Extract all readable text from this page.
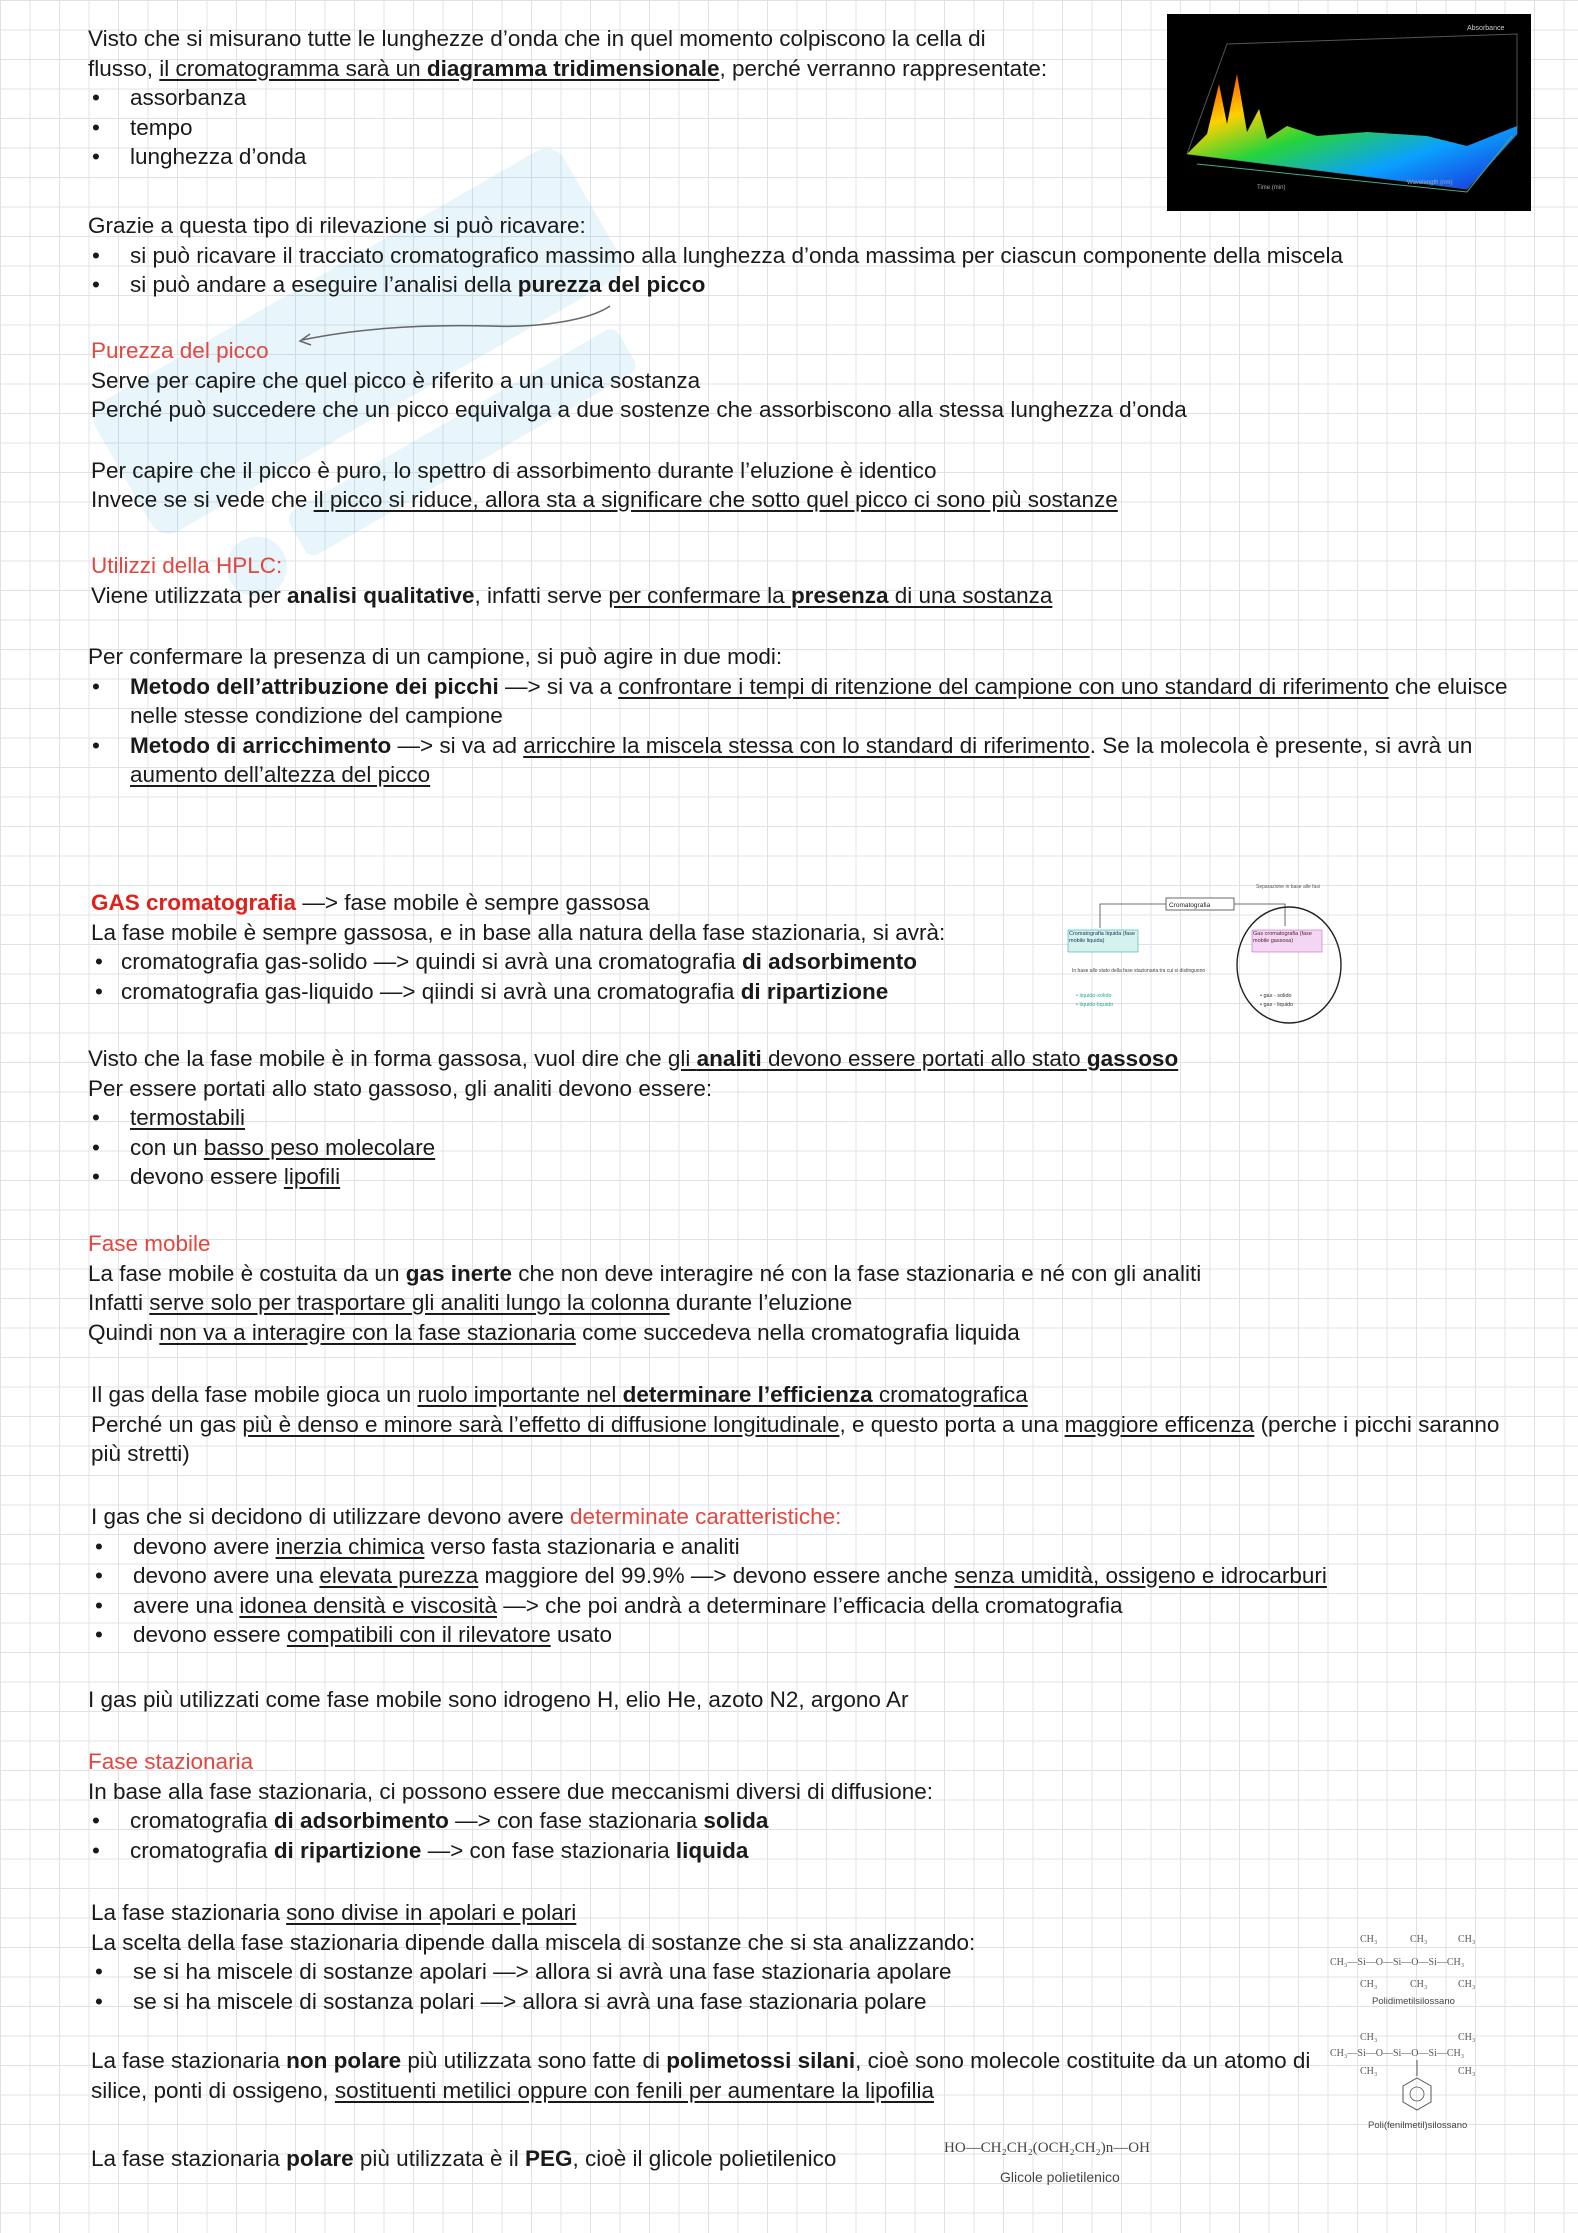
Visto che si misurano tutte le lunghezze d’onda che in quel momento colpiscono la cella di

flusso, il cromatogramma sarà un diagramma tridimensionale, perché verranno rappresentate:

• assorbanza
• tempo
• lunghezza d’onda
Absorbance
Time (min)
Wavelength (nm)

Grazie a questa tipo di rilevazione si può ricavare:

• si può ricavare il tracciato cromatografico massimo alla lunghezza d’onda massima per ciascun componente della miscela
• si può andare a eseguire l’analisi della purezza del picco

Purezza del picco

Serve per capire che quel picco è riferito a un unica sostanza

Perché può succedere che un picco equivalga a due sostenze che assorbiscono alla stessa lunghezza d’onda

Per capire che il picco è puro, lo spettro di assorbimento durante l’eluzione è identico

Invece se si vede che il picco si riduce, allora sta a significare che sotto quel picco ci sono più sostanze

Utilizzi della HPLC:

Viene utilizzata per analisi qualitative, infatti serve per confermare la presenza di una sostanza

Per confermare la presenza di un campione, si può agire in due modi:

• Metodo dell’attribuzione dei picchi —> si va a confrontare i tempi di ritenzione del campione con uno standard di riferimento che eluisce nelle stesse condizione del campione
• Metodo di arricchimento —> si va ad arricchire la miscela stessa con lo standard di riferimento. Se la molecola è presente, si avrà un aumento dell’altezza del picco

GAS cromatografia —> fase mobile è sempre gassosa

La fase mobile è sempre gassosa, e in base alla natura della fase stazionaria, si avrà:

• cromatografia gas-solido —> quindi si avrà una cromatografia di adsorbimento
• cromatografia gas-liquido —> qiindi si avrà una cromatografia di ripartizione
Cromatografia
Separazione in base alle fasi
Cromatografia liquida (fase mobile liquida)
Gas cromatografia (fase mobile gassosa)
In base allo stato della fase stazionaria tra cui si distinguono
• liquido-solido
• liquido-liquido
• gas - solido
• gas - liquido

Visto che la fase mobile è in forma gassosa, vuol dire che gli analiti devono essere portati allo stato gassoso

Per essere portati allo stato gassoso, gli analiti devono essere:

• termostabili
• con un basso peso molecolare
• devono essere lipofili

Fase mobile

La fase mobile è costuita da un gas inerte che non deve interagire né con la fase stazionaria e né con gli analiti

Infatti serve solo per trasportare gli analiti lungo la colonna durante l’eluzione

Quindi non va a interagire con la fase stazionaria come succedeva nella cromatografia liquida

Il gas della fase mobile gioca un ruolo importante nel determinare l’efficienza cromatografica

Perché un gas più è denso e minore sarà l’effetto di diffusione longitudinale, e questo porta a una maggiore efficenza (perche i picchi saranno più stretti)

I gas che si decidono di utilizzare devono avere determinate caratteristiche:

• devono avere inerzia chimica verso fasta stazionaria e analiti
• devono avere una elevata purezza maggiore del 99.9% —> devono essere anche senza umidità, ossigeno e idrocarburi
• avere una idonea densità e viscosità —> che poi andrà a determinare l’efficacia della cromatografia
• devono essere compatibili con il rilevatore usato

I gas più utilizzati come fase mobile sono idrogeno H, elio He, azoto N2, argono Ar

Fase stazionaria

In base alla fase stazionaria, ci possono essere due meccanismi diversi di diffusione:

• cromatografia di adsorbimento —> con fase stazionaria solida
• cromatografia di ripartizione —> con fase stazionaria liquida

La fase stazionaria sono divise in apolari e polari

La scelta della fase stazionaria dipende dalla miscela di sostanze che si sta analizzando:

• se si ha miscele di sostanze apolari —> allora si avrà una fase stazionaria apolare
• se si ha miscele di sostanza polari —> allora si avrà una fase stazionaria polare

La fase stazionaria non polare più utilizzata sono fatte di polimetossi silani, cioè sono molecole costituite da un atomo di silice, ponti di ossigeno, sostituenti metilici oppure con fenili per aumentare la lipofilia

La fase stazionaria polare più utilizzata è il PEG, cioè il glicole polietilenico

CH₃	CH₃	CH₃
CH₃—Si—O—Si—O—Si—CH₃
CH₃	CH₃	CH₃
Polidimetilsilossano
CH₃	CH₃
CH₃—Si—O—Si—O—Si—CH₃
CH₃	CH₃
Poli(fenilmetil)silossano
HO—CH₂CH₂(OCH₂CH₂)n—OH
Glicole polietilenico
